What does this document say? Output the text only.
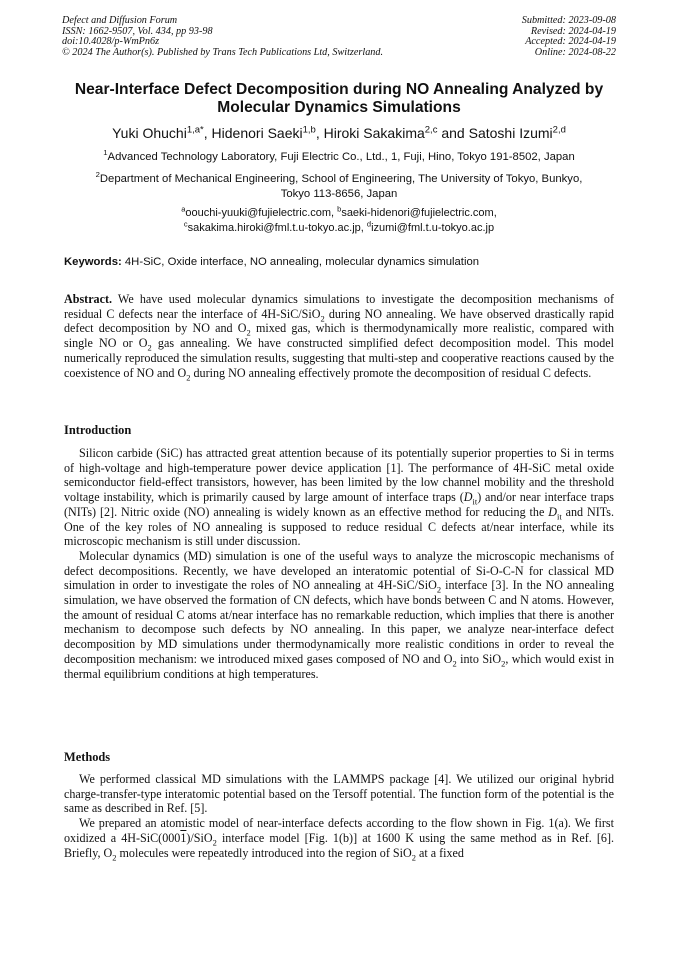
Defect and Diffusion Forum
ISSN: 1662-9507, Vol. 434, pp 93-98
doi:10.4028/p-WmPn6z
© 2024 The Author(s). Published by Trans Tech Publications Ltd, Switzerland.
Submitted: 2023-09-08
Revised: 2024-04-19
Accepted: 2024-04-19
Online: 2024-08-22
Near-Interface Defect Decomposition during NO Annealing Analyzed by
Molecular Dynamics Simulations
Yuki Ohuchi$^{1,a*}$, Hidenori Saeki$^{1,b}$, Hiroki Sakakima$^{2,c}$ and Satoshi Izumi$^{2,d}$
$^1$Advanced Technology Laboratory, Fuji Electric Co., Ltd., 1, Fuji, Hino, Tokyo 191-8502, Japan
$^2$Department of Mechanical Engineering, School of Engineering, The University of Tokyo, Bunkyo,
Tokyo 113-8656, Japan
$^a$oouchi-yuuki@fujielectric.com, $^b$saeki-hidenori@fujielectric.com,
$^c$sakakima.hiroki@fml.t.u-tokyo.ac.jp, $^d$izumi@fml.t.u-tokyo.ac.jp
Keywords: 4H-SiC, Oxide interface, NO annealing, molecular dynamics simulation
Abstract. We have used molecular dynamics simulations to investigate the decomposition mechanisms of residual C defects near the interface of 4H-SiC/SiO$_2$ during NO annealing. We have observed drastically rapid defect decomposition by NO and $O_2$ mixed gas, which is thermodynamically more realistic, compared with single NO or $O_2$ gas annealing. We have constructed simplified defect decomposition model. This model numerically reproduced the simulation results, suggesting that multi-step and cooperative reactions caused by the coexistence of NO and $O_2$ during NO annealing effectively promote the decomposition of residual C defects.
Introduction

Silicon carbide (SiC) has attracted great attention because of its potentially superior properties to Si in terms of high-voltage and high-temperature power device application [1]. The performance of 4H-SiC metal oxide semiconductor field-effect transistors, however, has been limited by the low channel mobility and the threshold voltage instability, which is primarily caused by large amount of interface traps $(D_{it})$ and/or near interface traps (NITs) [2]. Nitric oxide (NO) annealing is widely known as an effective method for reducing the $D_{it}$ and NITs. One of the key roles of NO annealing is supposed to reduce residual C defects at/near interface, while its microscopic mechanism is still under discussion.

Molecular dynamics (MD) simulation is one of the useful ways to analyze the microscopic mechanisms of defect decompositions. Recently, we have developed an interatomic potential of Si-O-C-N for classical MD simulation in order to investigate the roles of NO annealing at 4H-SiC/SiO$_2$ interface [3]. In the NO annealing simulation, we have observed the formation of CN defects, which have bonds between C and N atoms. However, the amount of residual C atoms at/near interface has no remarkable reduction, which implies that there is another mechanism to decompose such defects by NO annealing. In this paper, we analyze near-interface defect decomposition by MD simulations under thermodynamically more realistic conditions in order to reveal the decomposition mechanism: we introduced mixed gases composed of NO and $O_2$ into SiO$_2$, which would exist in thermal equilibrium conditions at high temperatures.

Methods

We performed classical MD simulations with the LAMMPS package [4]. We utilized our original hybrid charge-transfer-type interatomic potential based on the Tersoff potential. The function form of the potential is the same as described in Ref. [5].

We prepared an atomistic model of near-interface defects according to the flow shown in Fig. 1(a). We first oxidized a 4H-SiC(0001)/SiO$_2$ interface model [Fig. 1(b)] at 1600 K using the same method as in Ref. [6]. Briefly, $O_2$ molecules were repeatedly introduced into the region of SiO$_2$ at a fixed
